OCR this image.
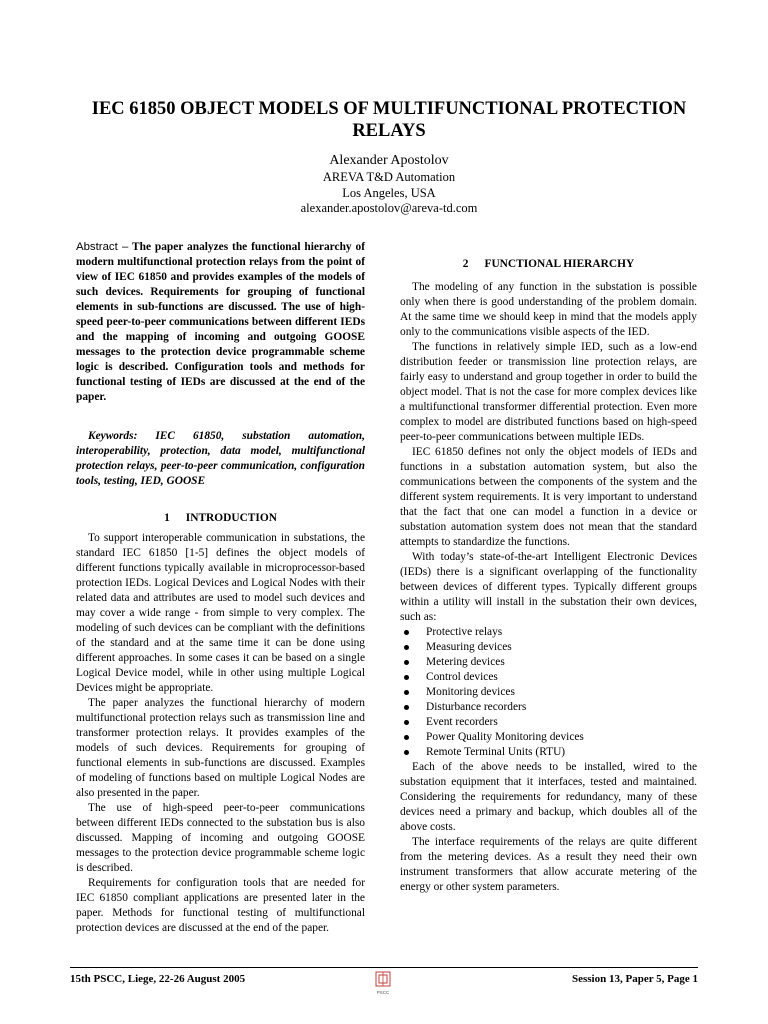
IEC 61850 OBJECT MODELS OF MULTIFUNCTIONAL PROTECTION RELAYS
Alexander Apostolov
AREVA T&D Automation
Los Angeles, USA
alexander.apostolov@areva-td.com

Abstract – The paper analyzes the functional hierarchy of modern multifunctional protection relays from the point of view of IEC 61850 and provides examples of the models of such devices. Requirements for grouping of functional elements in sub-functions are discussed. The use of high-speed peer-to-peer communications between different IEDs and the mapping of incoming and outgoing GOOSE messages to the protection device programmable scheme logic is described. Configuration tools and methods for functional testing of IEDs are discussed at the end of the paper.

Keywords: IEC 61850, substation automation, interoperability, protection, data model, multifunctional protection relays, peer-to-peer communication, configuration tools, testing, IED, GOOSE

1 INTRODUCTION

To support interoperable communication in substations, the standard IEC 61850 [1-5] defines the object models of different functions typically available in microprocessor-based protection IEDs. Logical Devices and Logical Nodes with their related data and attributes are used to model such devices and may cover a wide range - from simple to very complex. The modeling of such devices can be compliant with the definitions of the standard and at the same time it can be done using different approaches. In some cases it can be based on a single Logical Device model, while in other using multiple Logical Devices might be appropriate.

The paper analyzes the functional hierarchy of modern multifunctional protection relays such as transmission line and transformer protection relays. It provides examples of the models of such devices. Requirements for grouping of functional elements in sub-functions are discussed. Examples of modeling of functions based on multiple Logical Nodes are also presented in the paper.

The use of high-speed peer-to-peer communications between different IEDs connected to the substation bus is also discussed. Mapping of incoming and outgoing GOOSE messages to the protection device programmable scheme logic is described.

Requirements for configuration tools that are needed for IEC 61850 compliant applications are presented later in the paper. Methods for functional testing of multifunctional protection devices are discussed at the end of the paper.

2 FUNCTIONAL HIERARCHY

The modeling of any function in the substation is possible only when there is good understanding of the problem domain. At the same time we should keep in mind that the models apply only to the communications visible aspects of the IED.

The functions in relatively simple IED, such as a low-end distribution feeder or transmission line protection relays, are fairly easy to understand and group together in order to build the object model. That is not the case for more complex devices like a multifunctional transformer differential protection. Even more complex to model are distributed functions based on high-speed peer-to-peer communications between multiple IEDs.

IEC 61850 defines not only the object models of IEDs and functions in a substation automation system, but also the communications between the components of the system and the different system requirements. It is very important to understand that the fact that one can model a function in a device or substation automation system does not mean that the standard attempts to standardize the functions.

With today’s state-of-the-art Intelligent Electronic Devices (IEDs) there is a significant overlapping of the functionality between devices of different types. Typically different groups within a utility will install in the substation their own devices, such as:

Protective relays
Measuring devices
Metering devices
Control devices
Monitoring devices
Disturbance recorders
Event recorders
Power Quality Monitoring devices
Remote Terminal Units (RTU)

Each of the above needs to be installed, wired to the substation equipment that it interfaces, tested and maintained. Considering the requirements for redundancy, many of these devices need a primary and backup, which doubles all of the above costs.

The interface requirements of the relays are quite different from the metering devices. As a result they need their own instrument transformers that allow accurate metering of the energy or other system parameters.

15th PSCC, Liege, 22-26 August 2005
PSCC
Session 13, Paper 5, Page 1
